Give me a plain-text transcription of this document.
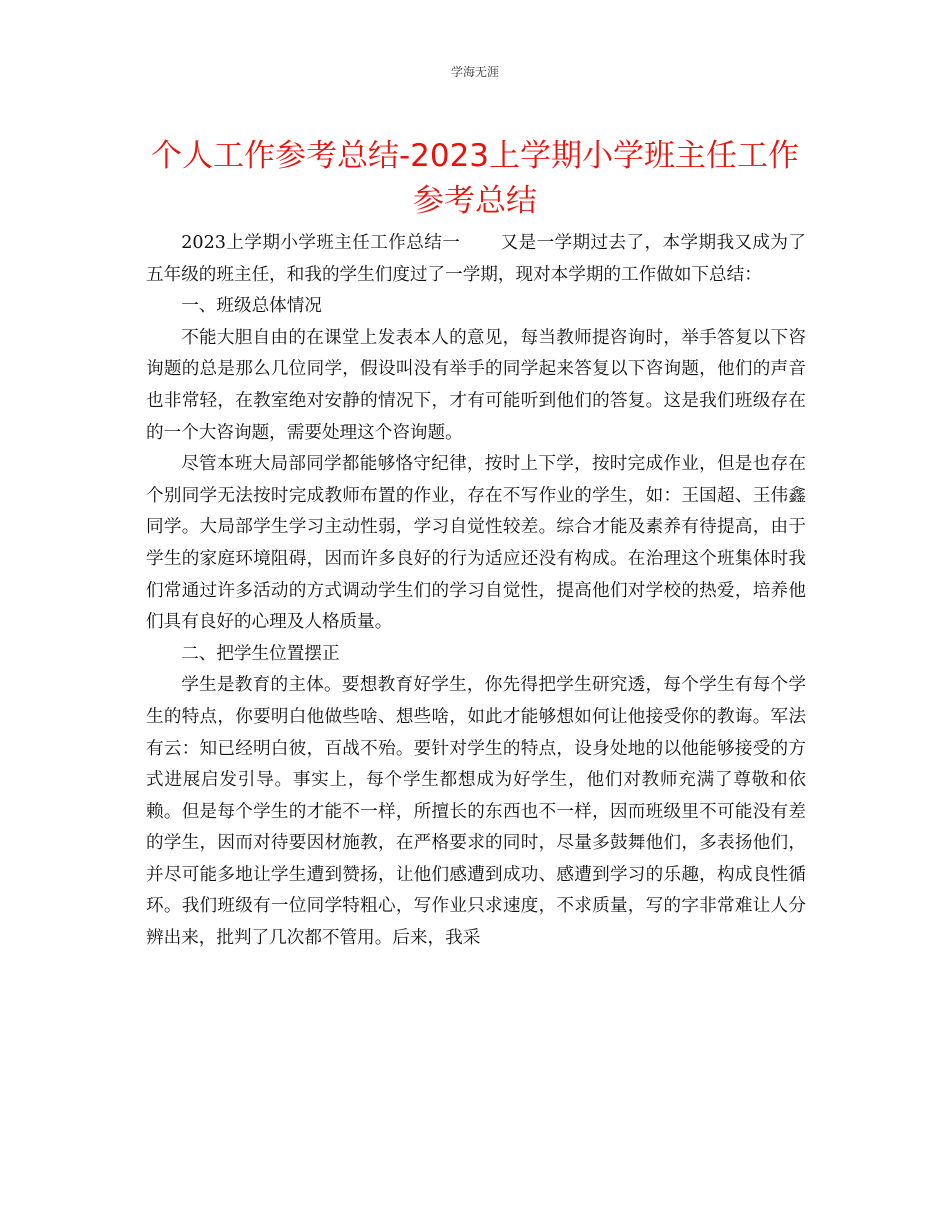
学海无涯
个人工作参考总结-2023上学期小学班主任工作参考总结

2023上学期小学班主任工作总结一 又是一学期过去了，本学期我又成为了五年级的班主任，和我的学生们度过了一学期，现对本学期的工作做如下总结：

一、班级总体情况

不能大胆自由的在课堂上发表本人的意见，每当教师提咨询时，举手答复以下咨询题的总是那么几位同学，假设叫没有举手的同学起来答复以下咨询题，他们的声音也非常轻，在教室绝对安静的情况下，才有可能听到他们的答复。这是我们班级存在的一个大咨询题，需要处理这个咨询题。

尽管本班大局部同学都能够恪守纪律，按时上下学，按时完成作业，但是也存在个别同学无法按时完成教师布置的作业，存在不写作业的学生，如：王国超、王伟鑫同学。大局部学生学习主动性弱，学习自觉性较差。综合才能及素养有待提高，由于学生的家庭环境阻碍，因而许多良好的行为适应还没有构成。在治理这个班集体时我们常通过许多活动的方式调动学生们的学习自觉性，提高他们对学校的热爱，培养他们具有良好的心理及人格质量。

二、把学生位置摆正

学生是教育的主体。要想教育好学生，你先得把学生研究透，每个学生有每个学生的特点，你要明白他做些啥、想些啥，如此才能够想如何让他接受你的教诲。军法有云：知已经明白彼，百战不殆。要针对学生的特点，设身处地的以他能够接受的方式进展启发引导。事实上，每个学生都想成为好学生，他们对教师充满了尊敬和依赖。但是每个学生的才能不一样，所擅长的东西也不一样，因而班级里不可能没有差的学生，因而对待要因材施教，在严格要求的同时，尽量多鼓舞他们，多表扬他们，并尽可能多地让学生遭到赞扬，让他们感遭到成功、感遭到学习的乐趣，构成良性循环。我们班级有一位同学特粗心，写作业只求速度，不求质量，写的字非常难让人分辨出来，批判了几次都不管用。后来，我采
